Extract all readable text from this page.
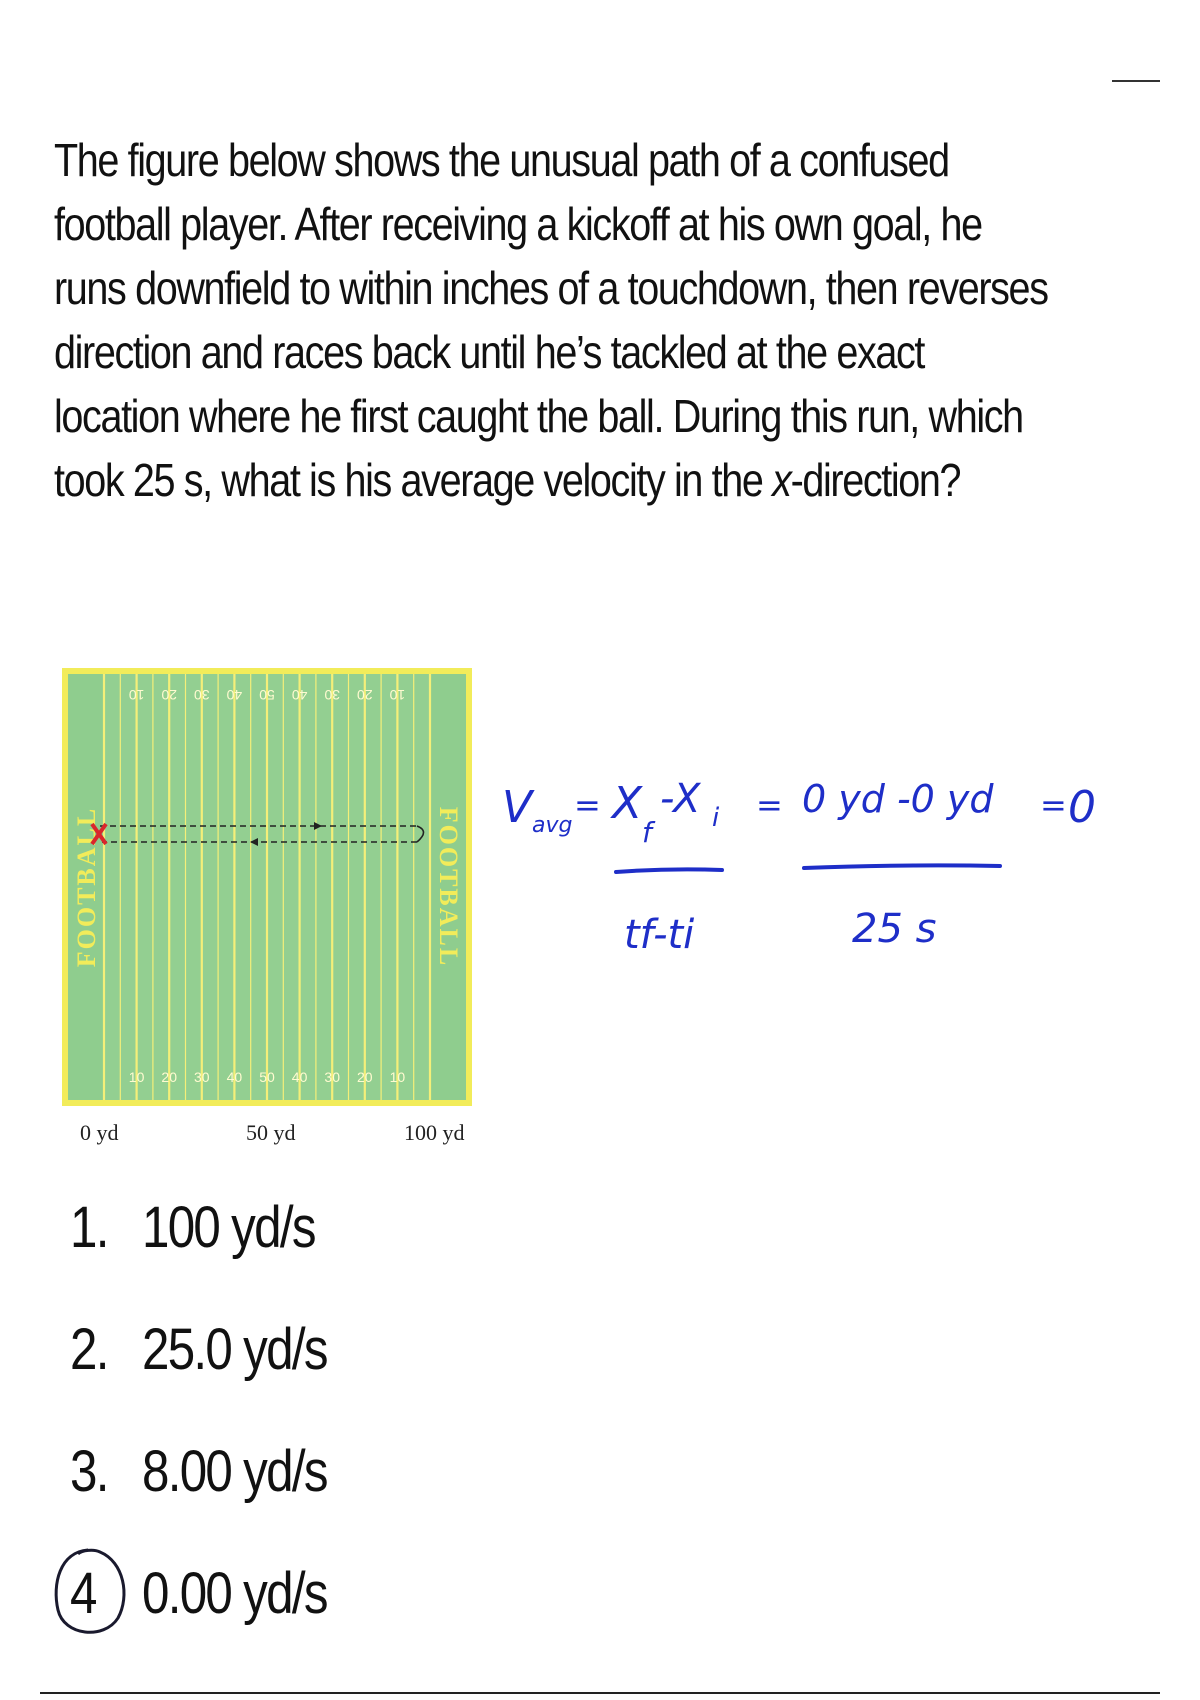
The figure below shows the unusual path of a confused
football player. After receiving a kickoff at his own goal, he
runs downfield to within inches of a touchdown, then reverses
direction and races back until he’s tackled at the exact
location where he first caught the ball. During this run, which
took 25 s, what is his average velocity in the x-direction?
FOOTBALL	FOOTBALL
10 20 30 40 50 40 30 20 10
10 20 30 40 50 40 30 20 10
0 yd	50 yd	100 yd
V avg
= X
f
-X i
tf-ti
= 0 yd -0 yd
25 s
= 0
1. 100 yd/s
2. 25.0 yd/s
3. 8.00 yd/s
4 0.00 yd/s
